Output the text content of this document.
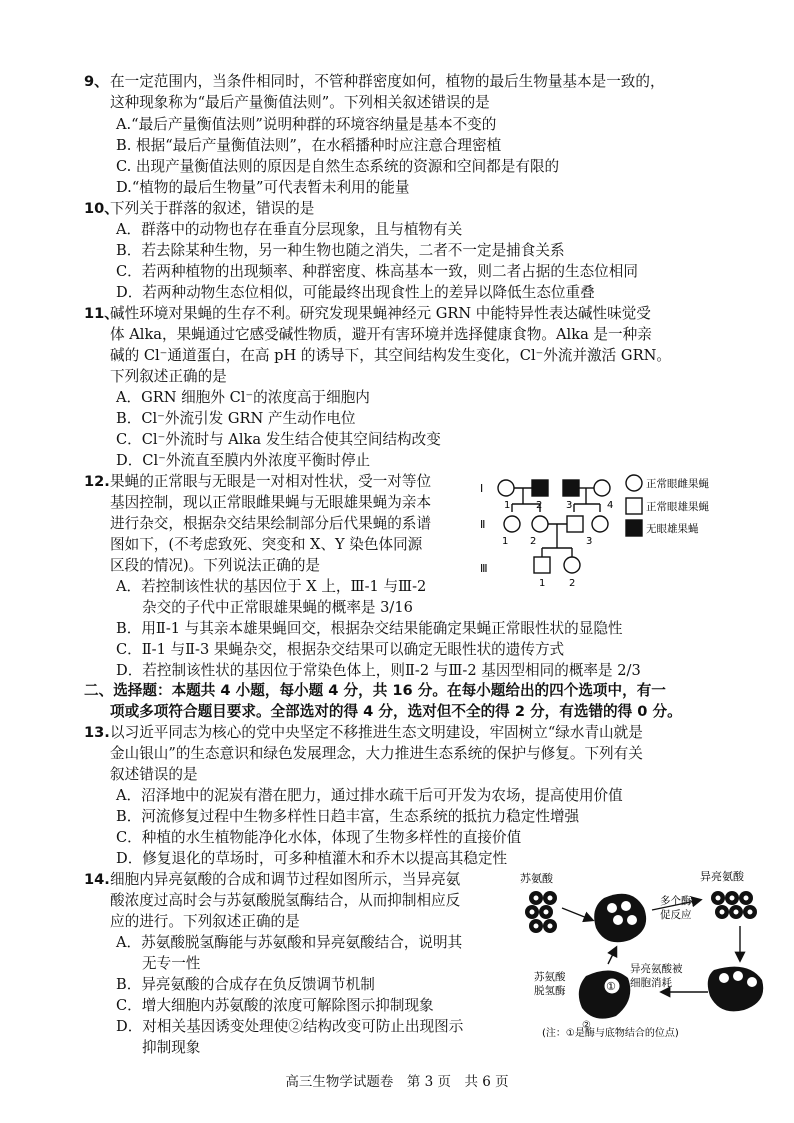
9、在一定范围内，当条件相同时，不管种群密度如何，植物的最后生物量基本是一致的，
这种现象称为“最后产量衡值法则”。下列相关叙述错误的是
A.“最后产量衡值法则”说明种群的环境容纳量是基本不变的
B. 根据“最后产量衡值法则”，在水稻播种时应注意合理密植
C. 出现产量衡值法则的原因是自然生态系统的资源和空间都是有限的
D.“植物的最后生物量”可代表暂未利用的能量
10、下列关于群落的叙述，错误的是
A．群落中的动物也存在垂直分层现象，且与植物有关
B．若去除某种生物，另一种生物也随之消失，二者不一定是捕食关系
C．若两种植物的出现频率、种群密度、株高基本一致，则二者占据的生态位相同
D．若两种动物生态位相似，可能最终出现食性上的差异以降低生态位重叠
11、碱性环境对果蝇的生存不利。研究发现果蝇神经元 GRN 中能特异性表达碱性味觉受
体 Alka，果蝇通过它感受碱性物质，避开有害环境并选择健康食物。Alka 是一种亲
碱的 Cl⁻通道蛋白，在高 pH 的诱导下，其空间结构发生变化，Cl⁻外流并激活 GRN。
下列叙述正确的是
A．GRN 细胞外 Cl⁻的浓度高于细胞内
B．Cl⁻外流引发 GRN 产生动作电位
C．Cl⁻外流时与 Alka 发生结合使其空间结构改变
D．Cl⁻外流直至膜内外浓度平衡时停止
12.果蝇的正常眼与无眼是一对相对性状，受一对等位
基因控制，现以正常眼雌果蝇与无眼雄果蝇为亲本
进行杂交，根据杂交结果绘制部分后代果蝇的系谱
图如下，(不考虑致死、突变和 X、Y 染色体同源
区段的情况)。下列说法正确的是
A．若控制该性状的基因位于 X 上，Ⅲ-1 与Ⅲ-2
杂交的子代中正常眼雄果蝇的概率是 3/16
B．用Ⅱ-1 与其亲本雄果蝇回交，根据杂交结果能确定果蝇正常眼性状的显隐性
C．Ⅱ-1 与Ⅱ-3 果蝇杂交，根据杂交结果可以确定无眼性状的遗传方式
D．若控制该性状的基因位于常染色体上，则Ⅱ-2 与Ⅲ-2 基因型相同的概率是 2/3
Ⅰ
Ⅱ
Ⅲ
1	2 3	4
1 2	3
1 2
正常眼雌果蝇
正常眼雄果蝇
无眼雄果蝇
二、选择题：本题共 4 小题，每小题 4 分，共 16 分。在每小题给出的四个选项中，有一
项或多项符合题目要求。全部选对的得 4 分，选对但不全的得 2 分，有选错的得 0 分。
13.以习近平同志为核心的党中央坚定不移推进生态文明建设，牢固树立“绿水青山就是
金山银山”的生态意识和绿色发展理念，大力推进生态系统的保护与修复。下列有关
叙述错误的是
A．沼泽地中的泥炭有潜在肥力，通过排水疏干后可开发为农场，提高使用价值
B．河流修复过程中生物多样性日趋丰富，生态系统的抵抗力稳定性增强
C．种植的水生植物能净化水体，体现了生物多样性的直接价值
D．修复退化的草场时，可多种植灌木和乔木以提高其稳定性
14.细胞内异亮氨酸的合成和调节过程如图所示，当异亮氨
酸浓度过高时会与苏氨酸脱氢酶结合，从而抑制相应反
应的进行。下列叙述正确的是
A．苏氨酸脱氢酶能与苏氨酸和异亮氨酸结合，说明其
无专一性
B．异亮氨酸的合成存在负反馈调节机制
C．增大细胞内苏氨酸的浓度可解除图示抑制现象
D．对相关基因诱变处理使②结构改变可防止出现图示
抑制现象
苏氨酸	异亮氨酸
多个酶
促反应
异亮氨酸被
细胞消耗
①
②
苏氨酸
脱氢酶
(注：①是酶与底物结合的位点)
高三生物学试题卷　第 3 页　共 6 页
